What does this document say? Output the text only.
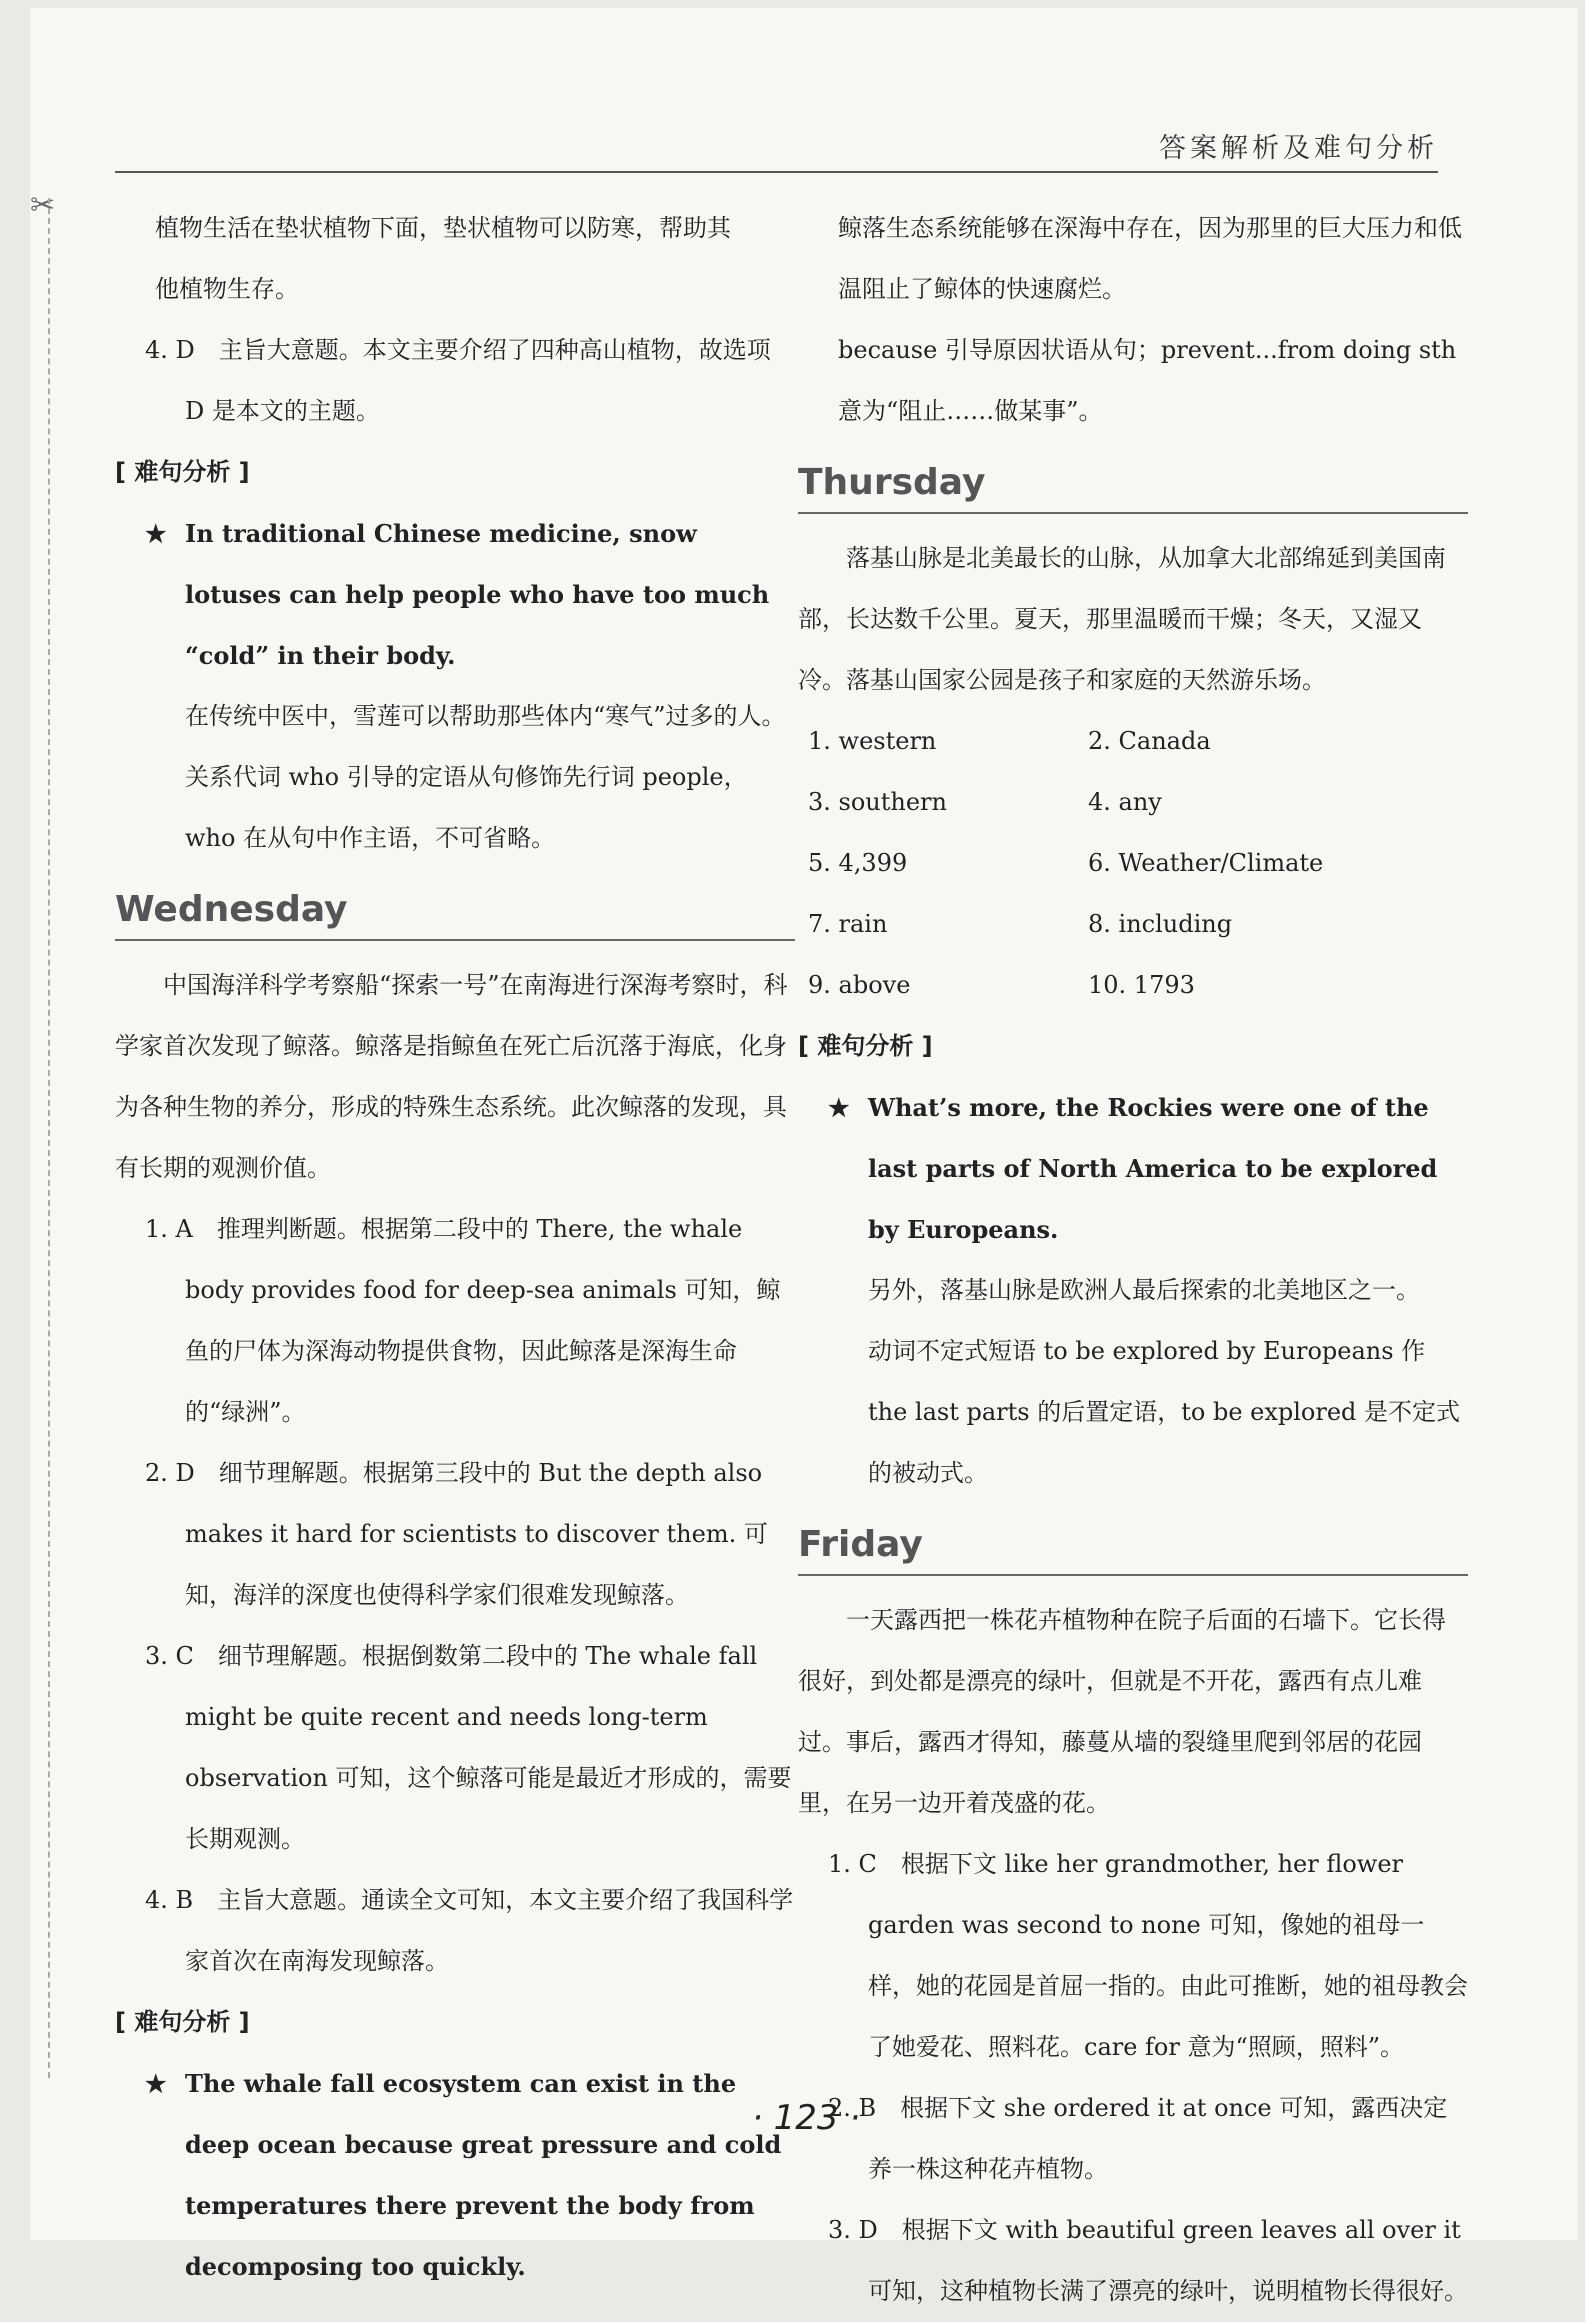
答案解析及难句分析
✂

植物生活在垫状植物下面，垫状植物可以防寒，帮助其

他植物生存。

4. D　主旨大意题。本文主要介绍了四种高山植物，故选项 D 是本文的主题。

[ 难句分析 ]

★ In traditional Chinese medicine, snow lotuses can help people who have too much “cold” in their body.

在传统中医中，雪莲可以帮助那些体内“寒气”过多的人。

关系代词 who 引导的定语从句修饰先行词 people，who 在从句中作主语，不可省略。

Wednesday

中国海洋科学考察船“探索一号”在南海进行深海考察时，科学家首次发现了鲸落。鲸落是指鲸鱼在死亡后沉落于海底，化身为各种生物的养分，形成的特殊生态系统。此次鲸落的发现，具有长期的观测价值。

1. A　推理判断题。根据第二段中的 There, the whale body provides food for deep-sea animals 可知，鲸鱼的尸体为深海动物提供食物，因此鲸落是深海生命的“绿洲”。

2. D　细节理解题。根据第三段中的 But the depth also makes it hard for scientists to discover them. 可知，海洋的深度也使得科学家们很难发现鲸落。

3. C　细节理解题。根据倒数第二段中的 The whale fall might be quite recent and needs long-term observation 可知，这个鲸落可能是最近才形成的，需要长期观测。

4. B　主旨大意题。通读全文可知，本文主要介绍了我国科学家首次在南海发现鲸落。

[ 难句分析 ]

★ The whale fall ecosystem can exist in the deep ocean because great pressure and cold temperatures there prevent the body from decomposing too quickly.

鲸落生态系统能够在深海中存在，因为那里的巨大压力和低温阻止了鲸体的快速腐烂。

because 引导原因状语从句；prevent...from doing sth 意为“阻止……做某事”。

Thursday

落基山脉是北美最长的山脉，从加拿大北部绵延到美国南部，长达数千公里。夏天，那里温暖而干燥；冬天，又湿又冷。落基山国家公园是孩子和家庭的天然游乐场。

1. western	2. Canada
3. southern	4. any
5. 4,399	6. Weather/Climate
7. rain	8. including
9. above	10. 1793

[ 难句分析 ]

★ What’s more, the Rockies were one of the last parts of North America to be explored by Europeans.

另外，落基山脉是欧洲人最后探索的北美地区之一。

动词不定式短语 to be explored by Europeans 作 the last parts 的后置定语，to be explored 是不定式的被动式。

Friday

一天露西把一株花卉植物种在院子后面的石墙下。它长得很好，到处都是漂亮的绿叶，但就是不开花，露西有点儿难过。事后，露西才得知，藤蔓从墙的裂缝里爬到邻居的花园里，在另一边开着茂盛的花。

1. C　根据下文 like her grandmother, her flower garden was second to none 可知，像她的祖母一样，她的花园是首屈一指的。由此可推断，她的祖母教会了她爱花、照料花。care for 意为“照顾，照料”。

2. B　根据下文 she ordered it at once 可知，露西决定养一株这种花卉植物。

3. D　根据下文 with beautiful green leaves all over it 可知，这种植物长满了漂亮的绿叶，说明植物长得很好。

· 123 ·
